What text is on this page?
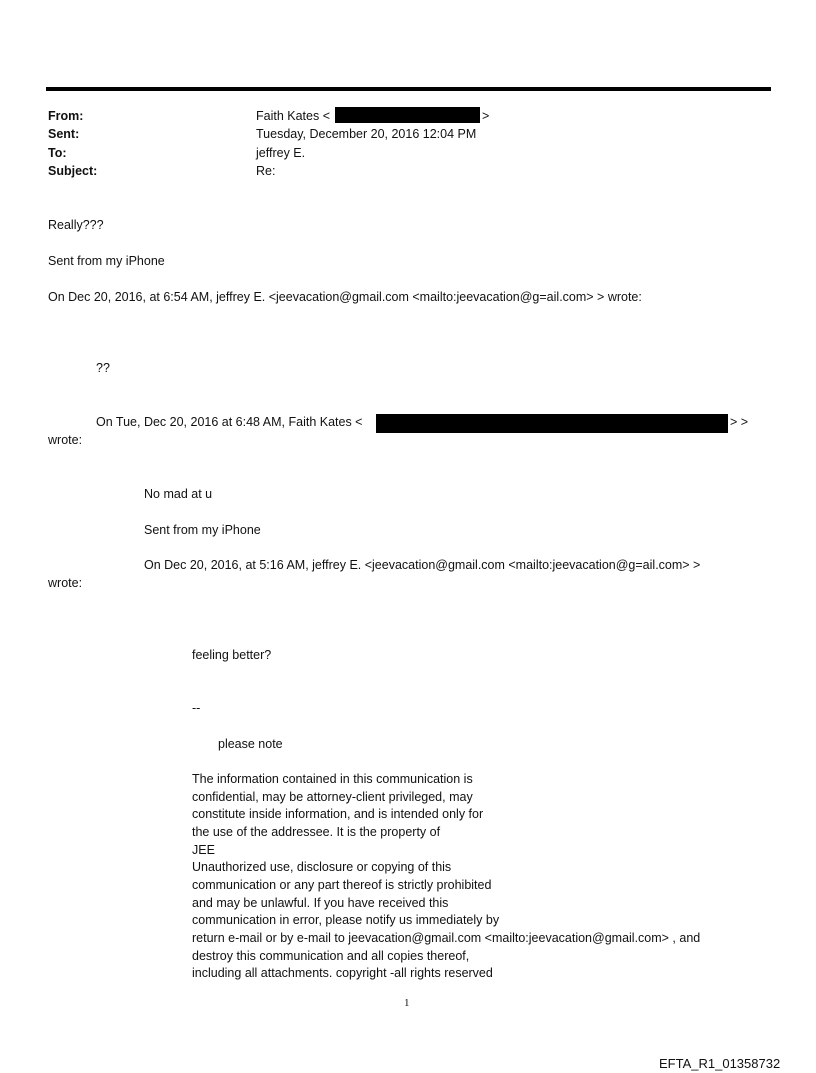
From:	Faith Kates <	>
Sent:	Tuesday, December 20, 2016 12:04 PM
To:	jeffrey E.
Subject:	Re:
Really???
Sent from my iPhone
On Dec 20, 2016, at 6:54 AM, jeffrey E. <jeevacation@gmail.com <mailto:jeevacation@g=ail.com> > wrote:
??
On Tue, Dec 20, 2016 at 6:48 AM, Faith Kates <	> >
wrote:
No mad at u
Sent from my iPhone
On Dec 20, 2016, at 5:16 AM, jeffrey E. <jeevacation@gmail.com <mailto:jeevacation@g=ail.com> >
wrote:
feeling better?
--
please note
The information contained in this communication is
confidential, may be attorney-client privileged, may
constitute inside information, and is intended only for
the use of the addressee. It is the property of
JEE
Unauthorized use, disclosure or copying of this
communication or any part thereof is strictly prohibited
and may be unlawful. If you have received this
communication in error, please notify us immediately by
return e-mail or by e-mail to jeevacation@gmail.com <mailto:jeevacation@gmail.com> , and
destroy this communication and all copies thereof,
including all attachments. copyright -all rights reserved
1
EFTA_R1_01358732
